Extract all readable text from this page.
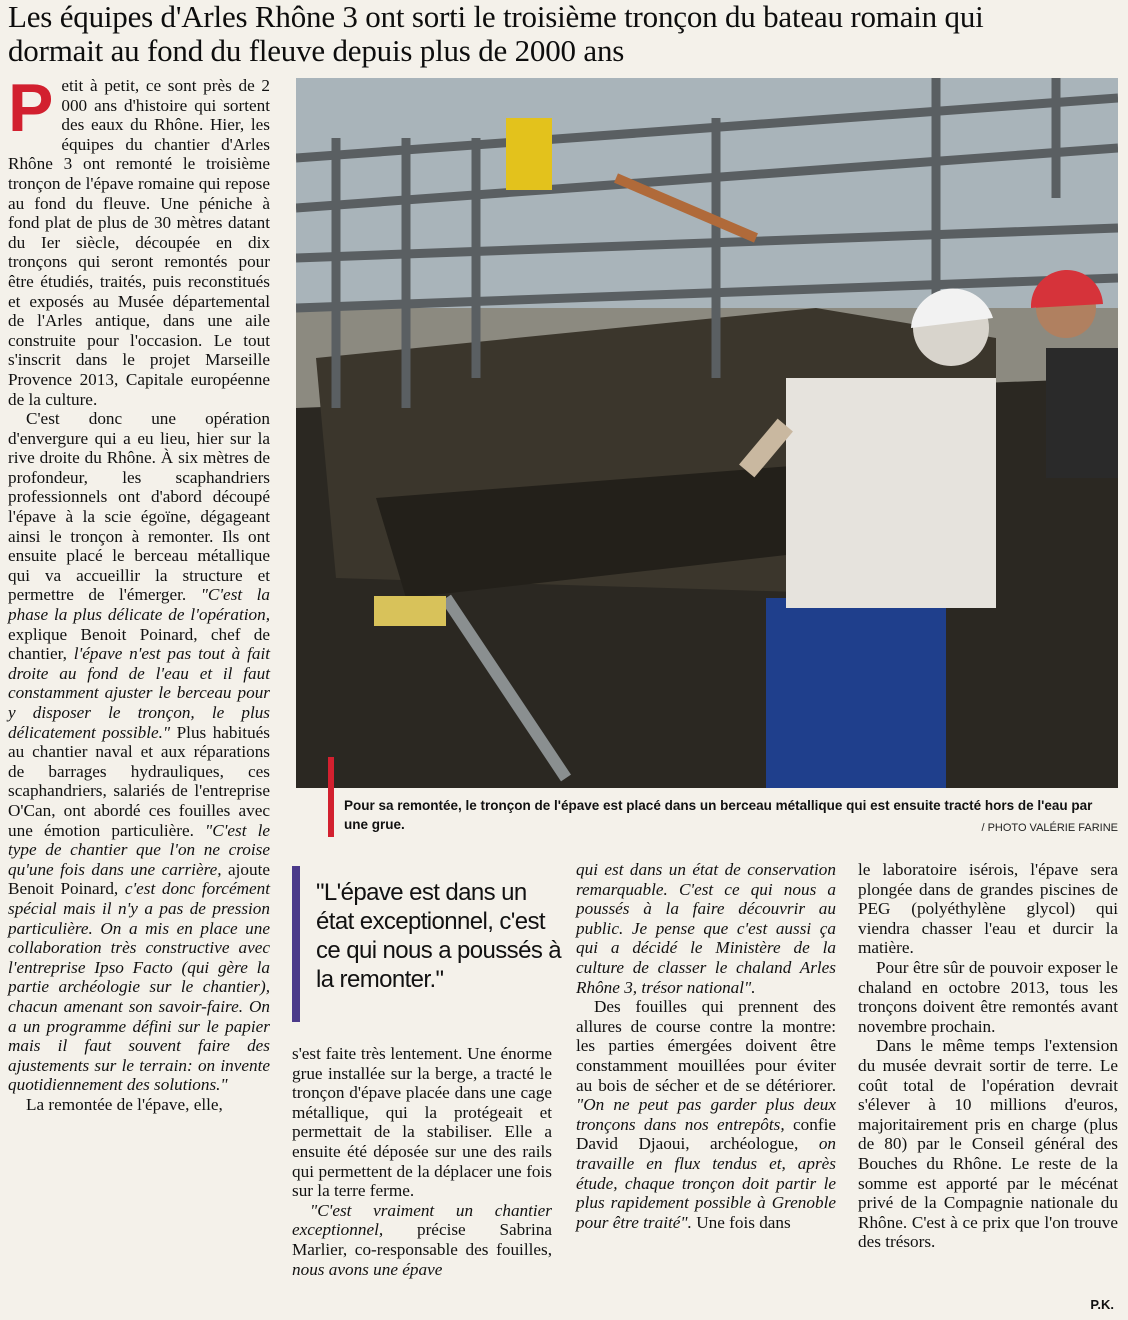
Les équipes d'Arles Rhône 3 ont sorti le troisième tronçon du bateau romain qui dormait au fond du fleuve depuis plus de 2000 ans

Petit à petit, ce sont près de 2 000 ans d'histoire qui sortent des eaux du Rhône. Hier, les équipes du chantier d'Arles Rhône 3 ont remonté le troisième tronçon de l'épave romaine qui repose au fond du fleuve. Une péniche à fond plat de plus de 30 mètres datant du Ier siècle, découpée en dix tronçons qui seront remontés pour être étudiés, traités, puis reconstitués et exposés au Musée départemental de l'Arles antique, dans une aile construite pour l'occasion. Le tout s'inscrit dans le projet Marseille Provence 2013, Capitale européenne de la culture.

C'est donc une opération d'envergure qui a eu lieu, hier sur la rive droite du Rhône. À six mètres de profondeur, les scaphandriers professionnels ont d'abord découpé l'épave à la scie égoïne, dégageant ainsi le tronçon à remonter. Ils ont ensuite placé le berceau métallique qui va accueillir la structure et permettre de l'émerger. "C'est la phase la plus délicate de l'opération, explique Benoit Poinard, chef de chantier, l'épave n'est pas tout à fait droite au fond de l'eau et il faut constamment ajuster le berceau pour y disposer le tronçon, le plus délicatement possible." Plus habitués au chantier naval et aux réparations de barrages hydrauliques, ces scaphandriers, salariés de l'entreprise O'Can, ont abordé ces fouilles avec une émotion particulière. "C'est le type de chantier que l'on ne croise qu'une fois dans une carrière, ajoute Benoit Poinard, c'est donc forcément spécial mais il n'y a pas de pression particulière. On a mis en place une collaboration très constructive avec l'entreprise Ipso Facto (qui gère la partie archéologie sur le chantier), chacun amenant son savoir-faire. On a un programme défini sur le papier mais il faut souvent faire des ajustements sur le terrain: on invente quotidiennement des solutions."

La remontée de l'épave, elle,

Pour sa remontée, le tronçon de l'épave est placé dans un berceau métallique qui est ensuite tracté hors de l'eau par une grue.	/ PHOTO VALÉRIE FARINE
"L'épave est dans un état exceptionnel, c'est ce qui nous a poussés à la remonter."

s'est faite très lentement. Une énorme grue installée sur la berge, a tracté le tronçon d'épave placée dans une cage métallique, qui la protégeait et permettait de la stabiliser. Elle a ensuite été déposée sur une des rails qui permettent de la déplacer une fois sur la terre ferme.

"C'est vraiment un chantier exceptionnel, précise Sabrina Marlier, co-responsable des fouilles, nous avons une épave

qui est dans un état de conservation remarquable. C'est ce qui nous a poussés à la faire découvrir au public. Je pense que c'est aussi ça qui a décidé le Ministère de la culture de classer le chaland Arles Rhône 3, trésor national".

Des fouilles qui prennent des allures de course contre la montre: les parties émergées doivent être constamment mouillées pour éviter au bois de sécher et de se détériorer. "On ne peut pas garder plus deux tronçons dans nos entrepôts, confie David Djaoui, archéologue, on travaille en flux tendus et, après étude, chaque tronçon doit partir le plus rapidement possible à Grenoble pour être traité". Une fois dans

le laboratoire isérois, l'épave sera plongée dans de grandes piscines de PEG (polyéthylène glycol) qui viendra chasser l'eau et durcir la matière.

Pour être sûr de pouvoir exposer le chaland en octobre 2013, tous les tronçons doivent être remontés avant novembre prochain.

Dans le même temps l'extension du musée devrait sortir de terre. Le coût total de l'opération devrait s'élever à 10 millions d'euros, majoritairement pris en charge (plus de 80) par le Conseil général des Bouches du Rhône. Le reste de la somme est apporté par le mécénat privé de la Compagnie nationale du Rhône. C'est à ce prix que l'on trouve des trésors.

P.K.
